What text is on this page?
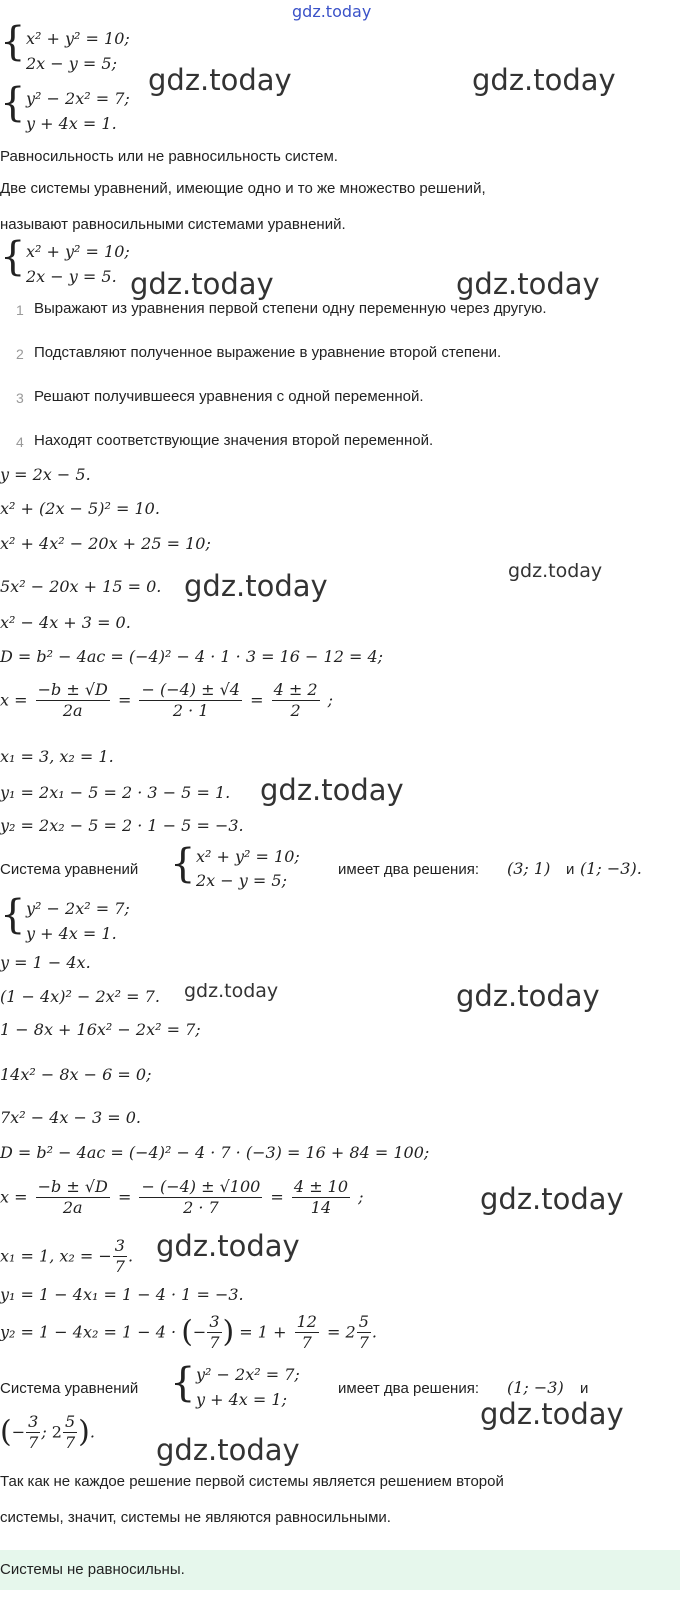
gdz.today
gdz.today	gdz.today
gdz.today	gdz.today
gdz.today
gdz.today
gdz.today
gdz.today	gdz.today
gdz.today
gdz.today
gdz.today
gdz.today
{ x² + y² = 10;
2x − y = 5;
{ y² − 2x² = 7;
y + 4x = 1.
Равносильность или не равносильность систем.
Две системы уравнений, имеющие одно и то же множество решений,
называют равносильными системами уравнений.
{ x² + y² = 10;
2x − y = 5.
1 Выражают из уравнения первой степени одну переменную через другую.
2 Подставляют полученное выражение в уравнение второй степени.
3 Решают получившееся уравнения с одной переменной.
4 Находят соответствующие значения второй переменной.
y = 2x − 5.
x² + (2x − 5)² = 10.
x² + 4x² − 20x + 25 = 10;
5x² − 20x + 15 = 0.
x² − 4x + 3 = 0.
D = b² − 4ac = (−4)² − 4 · 1 · 3 = 16 − 12 = 4;
$x = \frac{-b \pm √D}{2a} = \frac{- (-4) \pm √4}{2 \cdot 1} = \frac{4 \pm 2}{2}$ ;
x₁ = 3, x₂ = 1.
y₁ = 2x₁ − 5 = 2 · 3 − 5 = 1.
y₂ = 2x₂ − 5 = 2 · 1 − 5 = −3.
Система уравнений { x² + y² = 10;
2x − y = 5;
имеет два решения: (3; 1) и (1; −3).
{ y² − 2x² = 7;
y + 4x = 1.
y = 1 − 4x.
(1 − 4x)² − 2x² = 7.
1 − 8x + 16x² − 2x² = 7;
14x² − 8x − 6 = 0;
7x² − 4x − 3 = 0.
D = b² − 4ac = (−4)² − 4 · 7 · (−3) = 16 + 84 = 100;
$x = \frac{-b \pm √D}{2a} = \frac{- (-4) \pm √100}{2 \cdot 7} = \frac{4 \pm 10}{14}$ ;
x₁ = 1, x₂ = − $\frac{3}{7}$ .
y₁ = 1 − 4x₁ = 1 − 4 · 1 = −3.
y₂ = 1 − 4x₂ = 1 − 4 · (− $\frac{3}{7}$ ) = $1 + \frac{12}{7} = 2 \frac{5}{7}$ .
Система уравнений { y² − 2x² = 7;
y + 4x = 1;
имеет два решения: (1; −3) и
(− $\frac{3}{7}$ ; $2 \frac{5}{7}$ ).
Так как не каждое решение первой системы является решением второй
системы, значит, системы не являются равносильными.
Системы не равносильны.
